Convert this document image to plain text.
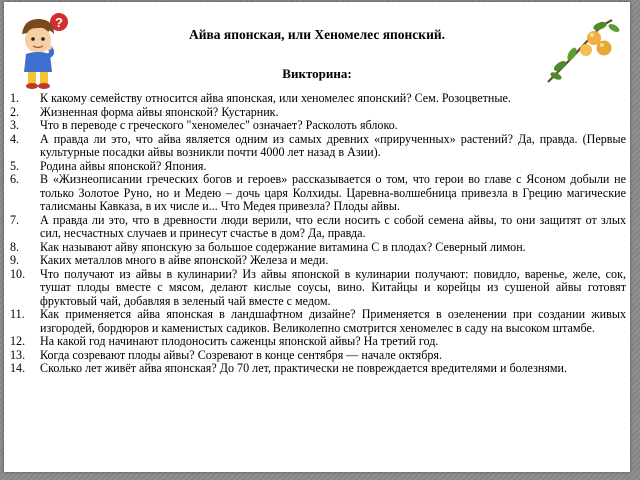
?
Айва японская, или Хеномелес японский.
Викторина:
1.	К какому семейству относится айва японская, или хеномелес японский? Сем. Розоцветные.
2.	Жизненная форма айвы японской? Кустарник.
3.	Что в переводе с греческого "хеномелес" означает? Расколоть яблоко.
4.	А правда ли это, что айва является одним из самых древних «прирученных» растений? Да, правда. (Первые культурные посадки айвы возникли почти 4000 лет назад в Азии).
5.	Родина айвы японской? Япония.
6.	В «Жизнеописании греческих богов и героев» рассказывается о том, что герои во главе с Ясоном добыли не только Золотое Руно, но и Медею – дочь царя Колхиды. Царевна-волшебница привезла в Грецию магические талисманы Кавказа, в их числе и... Что Медея привезла? Плоды айвы.
7.	А правда ли это, что в древности люди верили, что если носить с собой семена айвы, то они защитят от злых сил, несчастных случаев и принесут счастье в дом? Да, правда.
8.	Как называют айву японскую за большое содержание витамина С в плодах? Северный лимон.
9.	Каких металлов много в айве японской? Железа и меди.
10.	Что получают из айвы в кулинарии? Из айвы японской в кулинарии получают: повидло, варенье, желе, сок, тушат плоды вместе с мясом, делают кислые соусы, вино. Китайцы и корейцы из сушеной айвы готовят фруктовый чай, добавляя в зеленый чай вместе с медом.
11.	Как применяется айва японская в ландшафтном дизайне? Применяется в озеленении при создании живых изгородей, бордюров и каменистых садиков. Великолепно смотрится хеномелес в саду на высоком штамбе.
12.	На какой год начинают плодоносить саженцы японской айвы? На третий год.
13.	Когда созревают плоды айвы? Созревают в конце сентября — начале октября.
14.	Сколько лет живёт айва японская? До 70 лет, практически не повреждается вредителями и болезнями.
